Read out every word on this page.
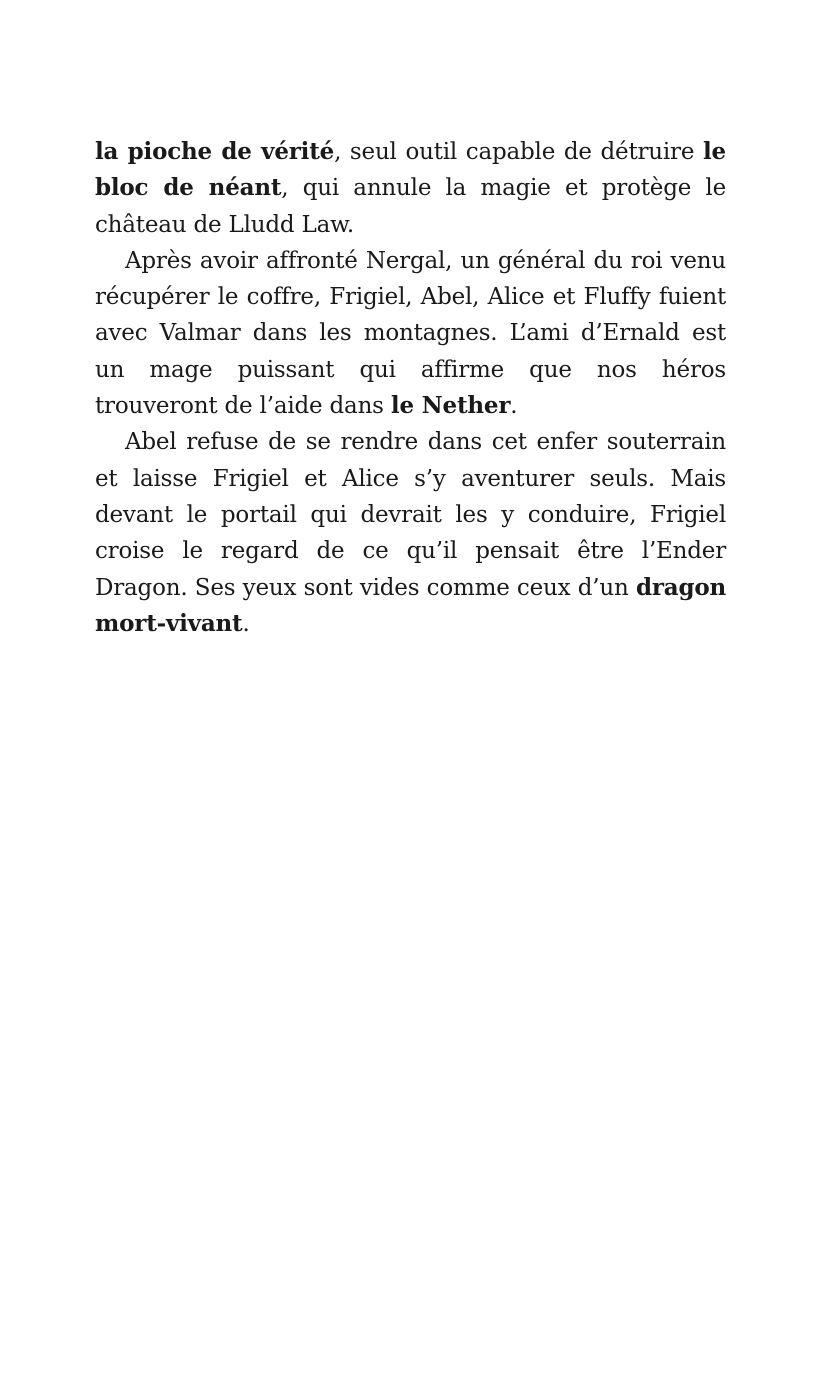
la pioche de vérité, seul outil capable de détruire le bloc de néant, qui annule la magie et protège le château de Lludd Law.

Après avoir affronté Nergal, un général du roi venu récupérer le coffre, Frigiel, Abel, Alice et Fluffy fuient avec Valmar dans les montagnes. L’ami d’Ernald est un mage puissant qui affirme que nos héros trouveront de l’aide dans le Nether.

Abel refuse de se rendre dans cet enfer souterrain et laisse Frigiel et Alice s’y aventurer seuls. Mais devant le portail qui devrait les y conduire, Frigiel croise le regard de ce qu’il pensait être l’Ender Dragon. Ses yeux sont vides comme ceux d’un dragon mort-vivant.
